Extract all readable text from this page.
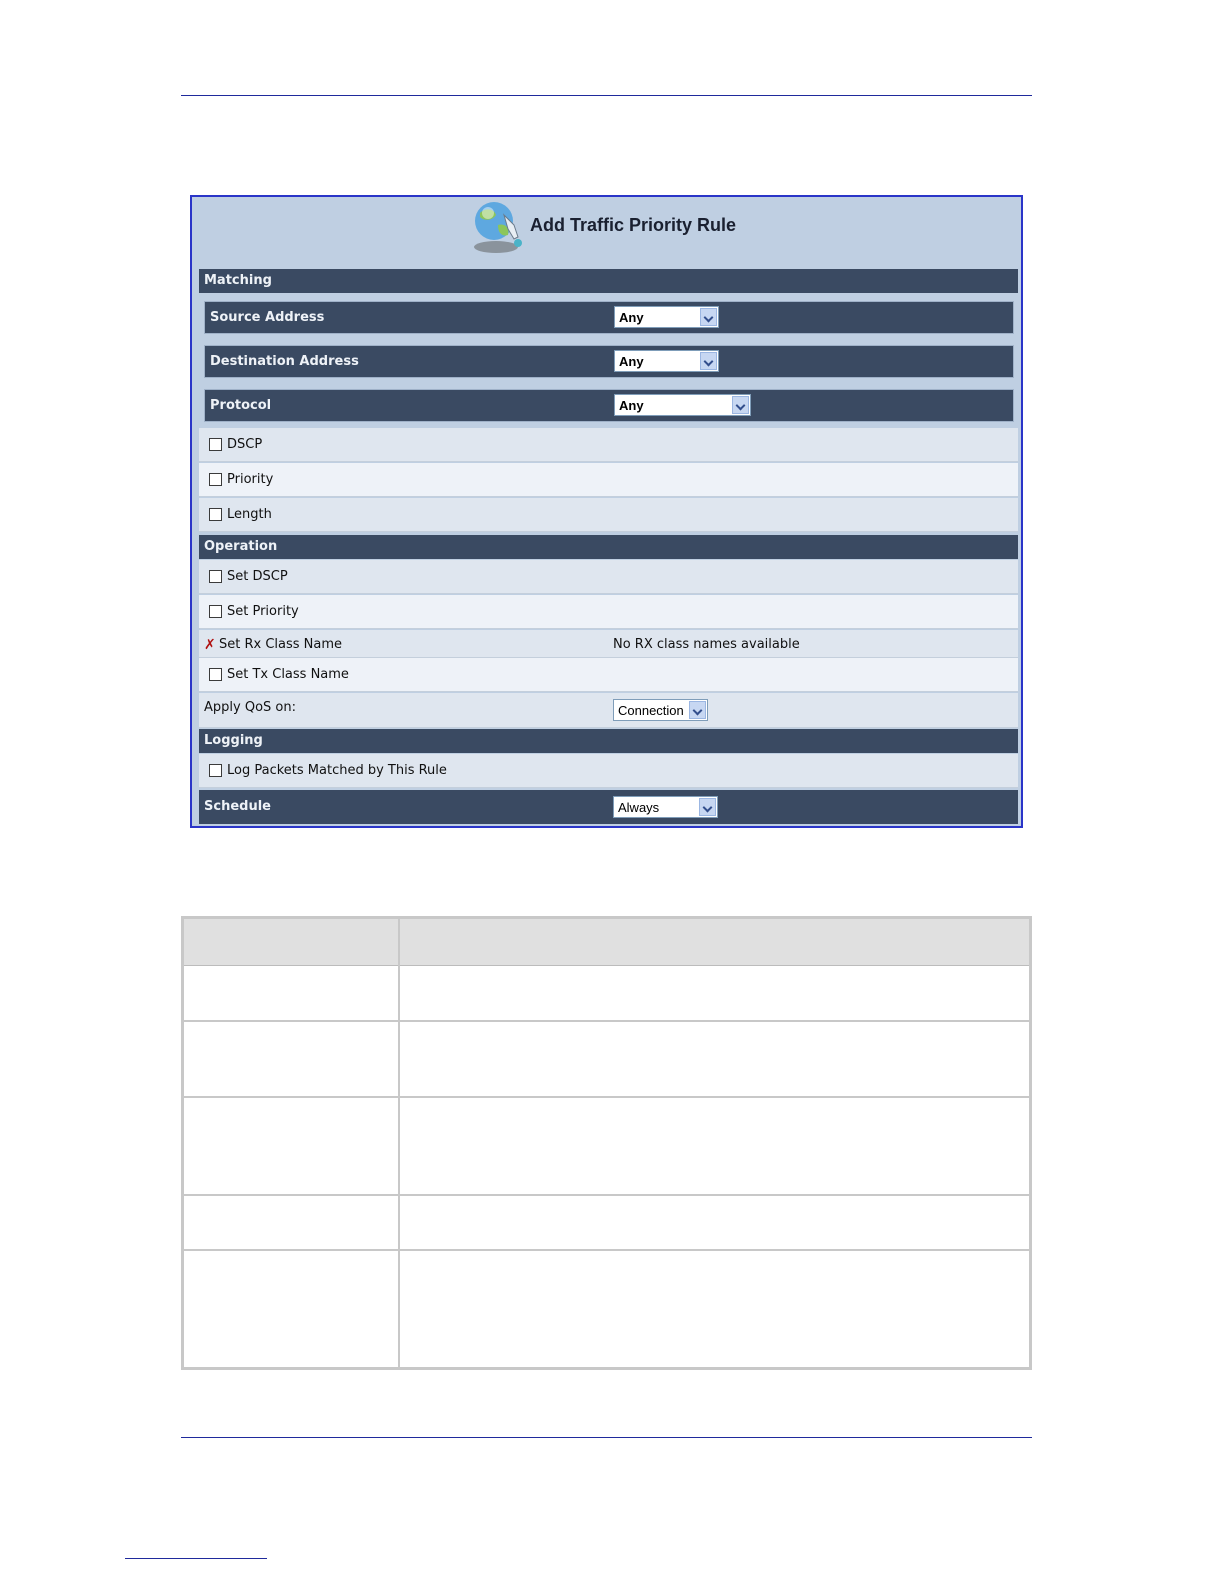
Add Traffic Priority Rule
Matching
Source Address	Any
Destination Address	Any
Protocol	Any
DSCP
Priority
Length
Operation
Set DSCP
Set Priority
✗ Set Rx Class Name	No RX class names available
Set Tx Class Name
Apply QoS on:	Connection
Logging
Log Packets Matched by This Rule
Schedule	Always
